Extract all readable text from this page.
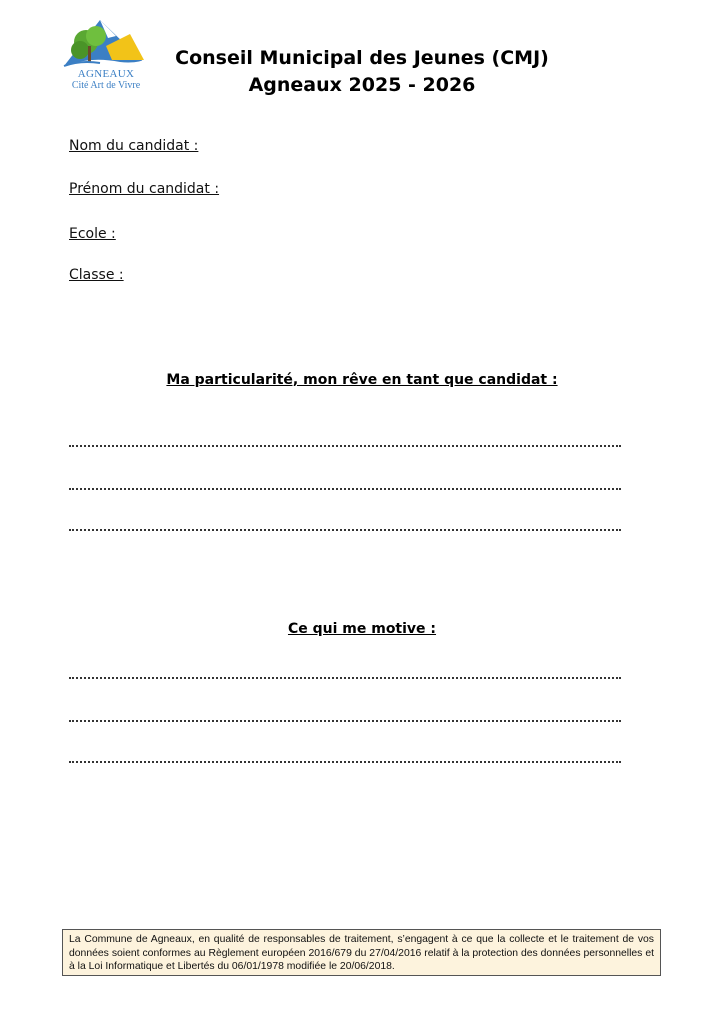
AGNEAUX
Cité Art de Vivre
Conseil Municipal des Jeunes (CMJ)
Agneaux 2025 - 2026
Nom du candidat :
Prénom du candidat :
Ecole :
Classe :
Ma particularité, mon rêve en tant que candidat :
Ce qui me motive :
La Commune de Agneaux, en qualité de responsables de traitement, s’engagent à ce que la collecte et le traitement de vos données soient conformes au Règlement européen 2016/679 du 27/04/2016 relatif à la protection des données personnelles et à la Loi Informatique et Libertés du 06/01/1978 modifiée le 20/06/2018.
